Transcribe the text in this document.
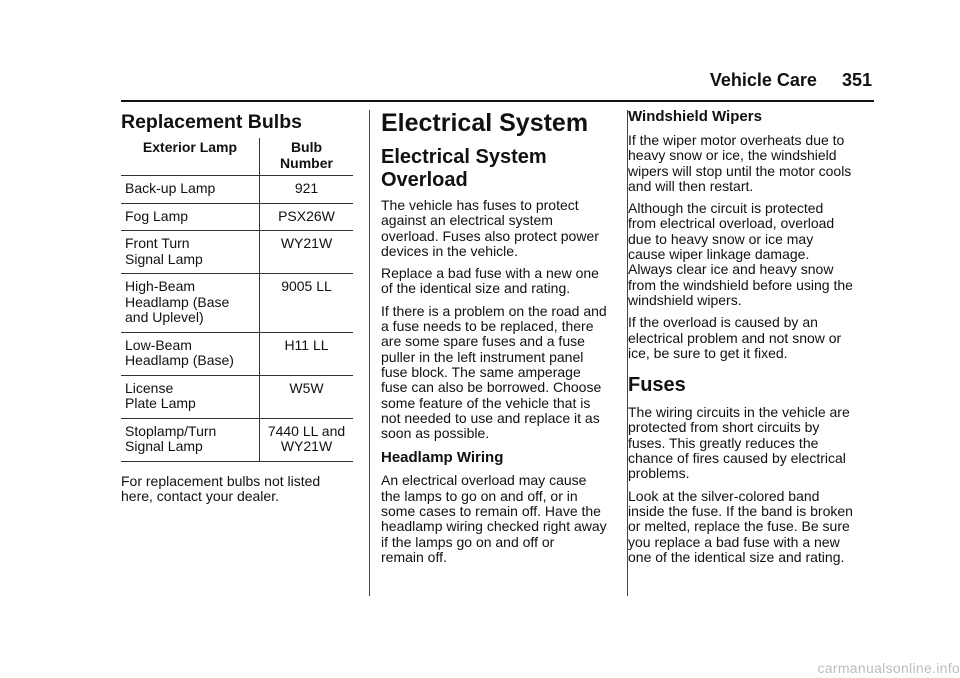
Vehicle Care 351
Replacement Bulbs
Exterior Lamp	Bulb
Number
Back-up Lamp	921
Fog Lamp	PSX26W
Front Turn
Signal Lamp	WY21W
High-Beam
Headlamp (Base
and Uplevel)	9005 LL
Low-Beam
Headlamp (Base)	H11 LL
License
Plate Lamp	W5W
Stoplamp/Turn
Signal Lamp	7440 LL and
WY21W

For replacement bulbs not listed
here, contact your dealer.

Electrical System
Electrical System
Overload

The vehicle has fuses to protect
against an electrical system
overload. Fuses also protect power
devices in the vehicle.

Replace a bad fuse with a new one
of the identical size and rating.

If there is a problem on the road and
a fuse needs to be replaced, there
are some spare fuses and a fuse
puller in the left instrument panel
fuse block. The same amperage
fuse can also be borrowed. Choose
some feature of the vehicle that is
not needed to use and replace it as
soon as possible.

Headlamp Wiring

An electrical overload may cause
the lamps to go on and off, or in
some cases to remain off. Have the
headlamp wiring checked right away
if the lamps go on and off or
remain off.

Windshield Wipers

If the wiper motor overheats due to
heavy snow or ice, the windshield
wipers will stop until the motor cools
and will then restart.

Although the circuit is protected
from electrical overload, overload
due to heavy snow or ice may
cause wiper linkage damage.
Always clear ice and heavy snow
from the windshield before using the
windshield wipers.

If the overload is caused by an
electrical problem and not snow or
ice, be sure to get it fixed.

Fuses

The wiring circuits in the vehicle are
protected from short circuits by
fuses. This greatly reduces the
chance of fires caused by electrical
problems.

Look at the silver-colored band
inside the fuse. If the band is broken
or melted, replace the fuse. Be sure
you replace a bad fuse with a new
one of the identical size and rating.

carmanualsonline.info
